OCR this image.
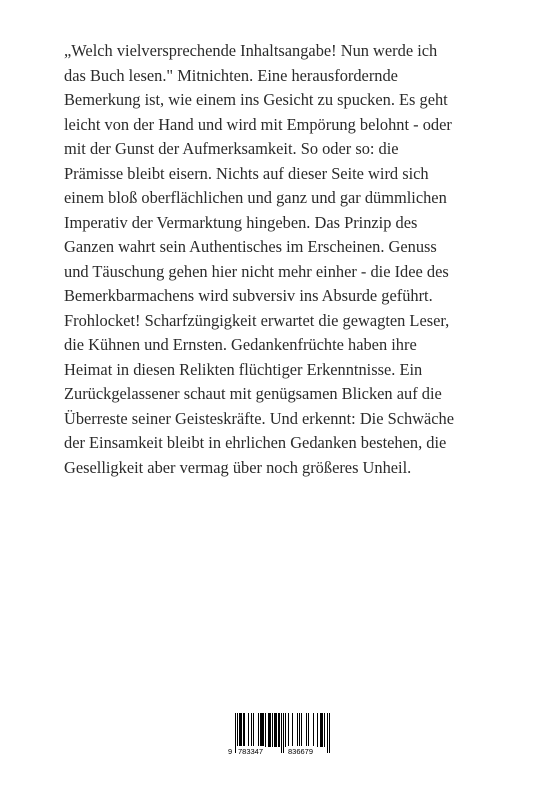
„Welch vielversprechende Inhaltsangabe! Nun werde ich
das Buch lesen." Mitnichten. Eine herausfordernde
Bemerkung ist, wie einem ins Gesicht zu spucken. Es geht
leicht von der Hand und wird mit Empörung belohnt - oder
mit der Gunst der Aufmerksamkeit. So oder so: die
Prämisse bleibt eisern. Nichts auf dieser Seite wird sich
einem bloß oberflächlichen und ganz und gar dümmlichen
Imperativ der Vermarktung hingeben. Das Prinzip des
Ganzen wahrt sein Authentisches im Erscheinen. Genuss
und Täuschung gehen hier nicht mehr einher - die Idee des
Bemerkbarmachens wird subversiv ins Absurde geführt.
Frohlocket! Scharfzüngigkeit erwartet die gewagten Leser,
die Kühnen und Ernsten. Gedankenfrüchte haben ihre
Heimat in diesen Relikten flüchtiger Erkenntnisse. Ein
Zurückgelassener schaut mit genügsamen Blicken auf die
Überreste seiner Geisteskräfte. Und erkennt: Die Schwäche
der Einsamkeit bleibt in ehrlichen Gedanken bestehen, die
Geselligkeit aber vermag über noch größeres Unheil.
9 783347	836679
